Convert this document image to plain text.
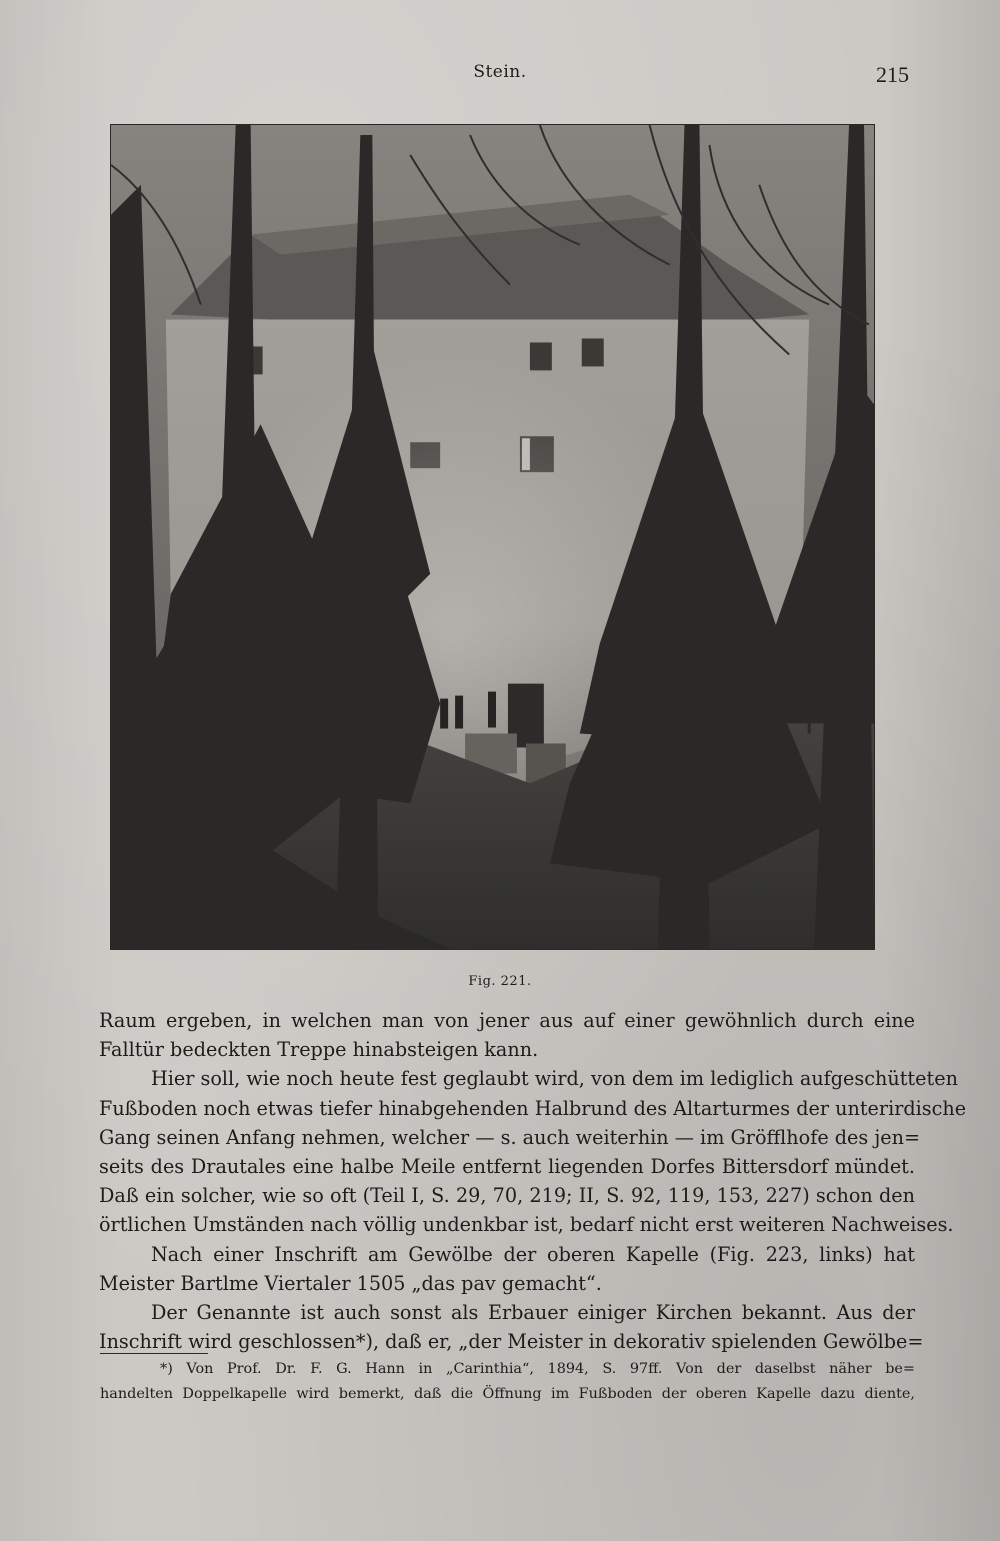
Stein.	215
Fig. 221.
Raum ergeben, in welchen man von jener aus auf einer gewöhnlich durch eine
Falltür bedeckten Treppe hinabsteigen kann.
Hier soll, wie noch heute fest geglaubt wird, von dem im lediglich aufgeschütteten
Fußboden noch etwas tiefer hinabgehenden Halbrund des Altarturmes der unterirdische
Gang seinen Anfang nehmen, welcher — s. auch weiterhin — im Gröfflhofe des jen=
seits des Drautales eine halbe Meile entfernt liegenden Dorfes Bittersdorf mündet.
Daß ein solcher, wie so oft (Teil I, S. 29, 70, 219; II, S. 92, 119, 153, 227) schon den
örtlichen Umständen nach völlig undenkbar ist, bedarf nicht erst weiteren Nachweises.
Nach einer Inschrift am Gewölbe der oberen Kapelle (Fig. 223, links) hat
Meister Bartlme Viertaler 1505 „das pav gemacht“.
Der Genannte ist auch sonst als Erbauer einiger Kirchen bekannt. Aus der
Inschrift wird geschlossen*), daß er, „der Meister in dekorativ spielenden Gewölbe=
*) Von Prof. Dr. F. G. Hann in „Carinthia“, 1894, S. 97ff. Von der daselbst näher be=
handelten Doppelkapelle wird bemerkt, daß die Öffnung im Fußboden der oberen Kapelle dazu diente,
